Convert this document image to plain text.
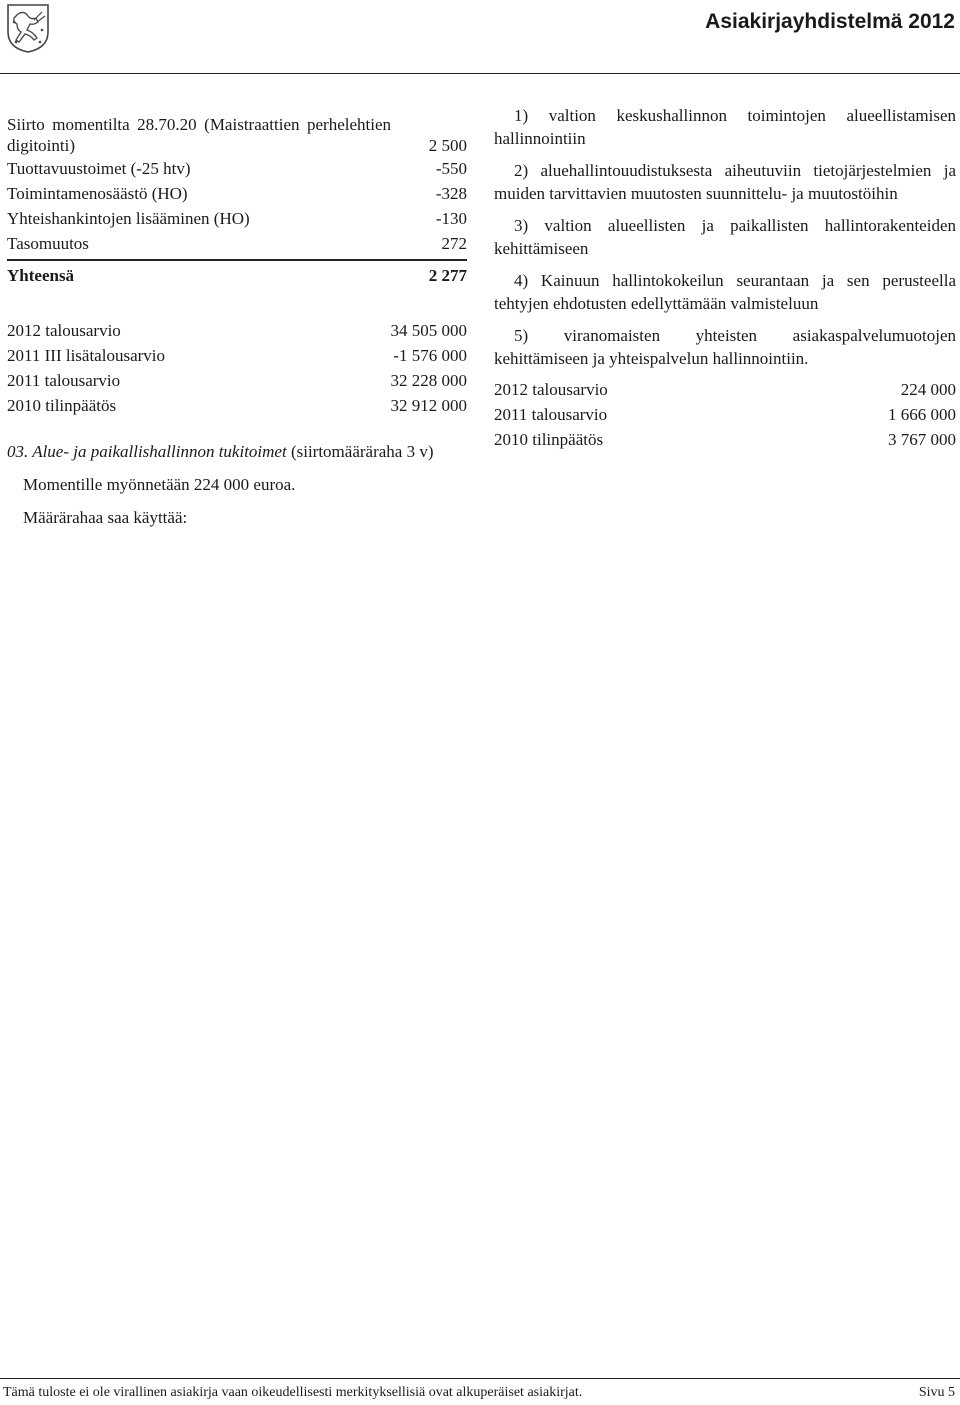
Asiakirjayhdistelmä 2012
Siirto momentilta 28.70.20 (Maistraattien perhelehtien digitointi)	2 500
Tuottavuustoimet (-25 htv)	-550
Toimintamenosäästö (HO)	-328
Yhteishankintojen lisääminen (HO)	-130
Tasomuutos	272
Yhteensä	2 277
2012 talousarvio	34 505 000
2011 III lisätalousarvio	-1 576 000
2011 talousarvio	32 228 000
2010 tilinpäätös	32 912 000
03. Alue- ja paikallishallinnon tukitoimet (siirtomääräraha 3 v)
Momentille myönnetään 224 000 euroa.
Määrärahaa saa käyttää:
1) valtion keskushallinnon toimintojen alueellistamisen hallinnointiin
2) aluehallintouudistuksesta aiheutuviin tietojärjestelmien ja muiden tarvittavien muutosten suunnittelu- ja muutostöihin
3) valtion alueellisten ja paikallisten hallintorakenteiden kehittämiseen
4) Kainuun hallintokokeilun seurantaan ja sen perusteella tehtyjen ehdotusten edellyttämään valmisteluun
5) viranomaisten yhteisten asiakaspalvelumuotojen kehittämiseen ja yhteispalvelun hallinnointiin.
2012 talousarvio	224 000
2011 talousarvio	1 666 000
2010 tilinpäätös	3 767 000
Tämä tuloste ei ole virallinen asiakirja vaan oikeudellisesti merkityksellisiä ovat alkuperäiset asiakirjat.	Sivu 5
